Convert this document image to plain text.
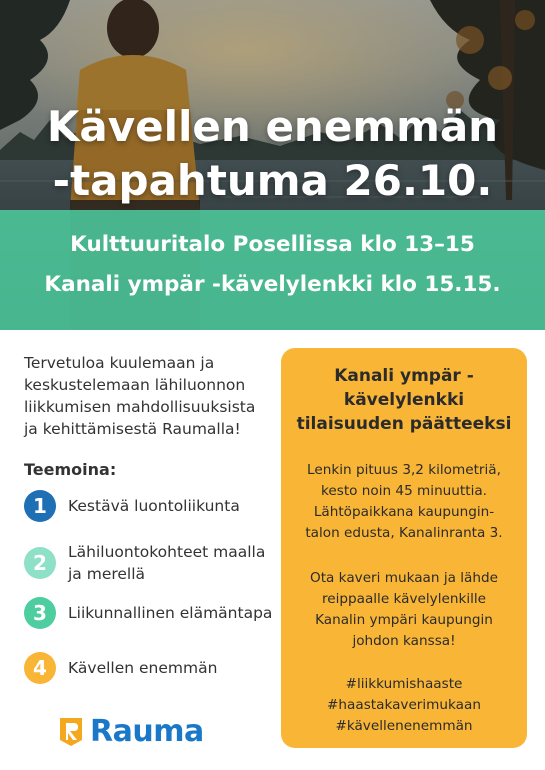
Kävellen enemmän
-tapahtuma 26.10.
Kulttuuritalo Posellissa klo 13–15
Kanali ympär -kävelylenkki klo 15.15.

Tervetuloa kuulemaan ja
keskustelemaan lähiluonnon
liikkumisen mahdollisuuksista
ja kehittämisestä Raumalla!

Teemoina:
1	Kestävä luontoliikunta
2	Lähiluontokohteet maalla
ja merellä
3	Liikunnallinen elämäntapa
4	Kävellen enemmän
Kanali ympär -
kävelylenkki
tilaisuuden päätteeksi
Lenkin pituus 3,2 kilometriä,
kesto noin 45 minuuttia.
Lähtöpaikkana kaupungin-
talon edusta, Kanalinranta 3.
Ota kaveri mukaan ja lähde
reippaalle kävelylenkille
Kanalin ympäri kaupungin
johdon kanssa!
#liikkumishaaste
#haastakaverimukaan
#kävellenenemmän
Rauma
